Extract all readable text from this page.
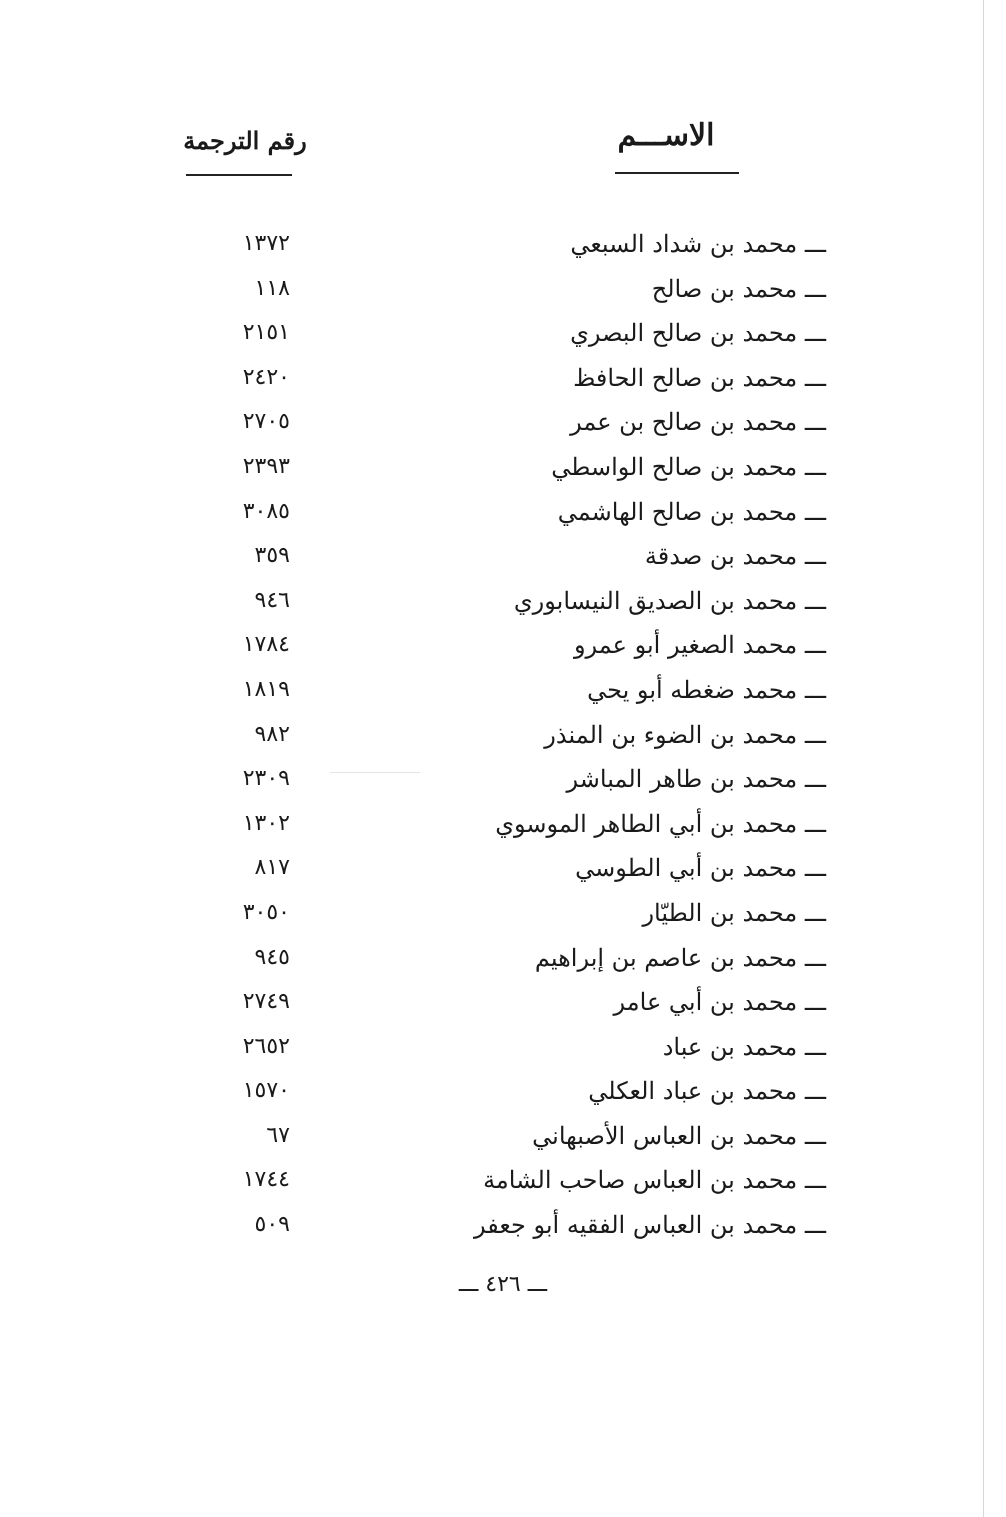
الاســـم
رقم الترجمة
ـــ محمد بن شداد السبعي
١٣٧٢
ـــ محمد بن صالح
١١٨
ـــ محمد بن صالح البصري
٢١٥١
ـــ محمد بن صالح الحافظ
٢٤٢٠
ـــ محمد بن صالح بن عمر
٢٧٠٥
ـــ محمد بن صالح الواسطي
٢٣٩٣
ـــ محمد بن صالح الهاشمي
٣٠٨٥
ـــ محمد بن صدقة
٣٥٩
ـــ محمد بن الصديق النيسابوري
٩٤٦
ـــ محمد الصغير أبو عمرو
١٧٨٤
ـــ محمد ضغطه أبو يحي
١٨١٩
ـــ محمد بن الضوء بن المنذر
٩٨٢
ـــ محمد بن طاهر المباشر
٢٣٠٩
ـــ محمد بن أبي الطاهر الموسوي
١٣٠٢
ـــ محمد بن أبي الطوسي
٨١٧
ـــ محمد بن الطيّار
٣٠٥٠
ـــ محمد بن عاصم بن إبراهيم
٩٤٥
ـــ محمد بن أبي عامر
٢٧٤٩
ـــ محمد بن عباد
٢٦٥٢
ـــ محمد بن عباد العكلي
١٥٧٠
ـــ محمد بن العباس الأصبهاني
٦٧
ـــ محمد بن العباس صاحب الشامة
١٧٤٤
ـــ محمد بن العباس الفقيه أبو جعفر
٥٠٩
ـــ ٤٢٦ ـــ
